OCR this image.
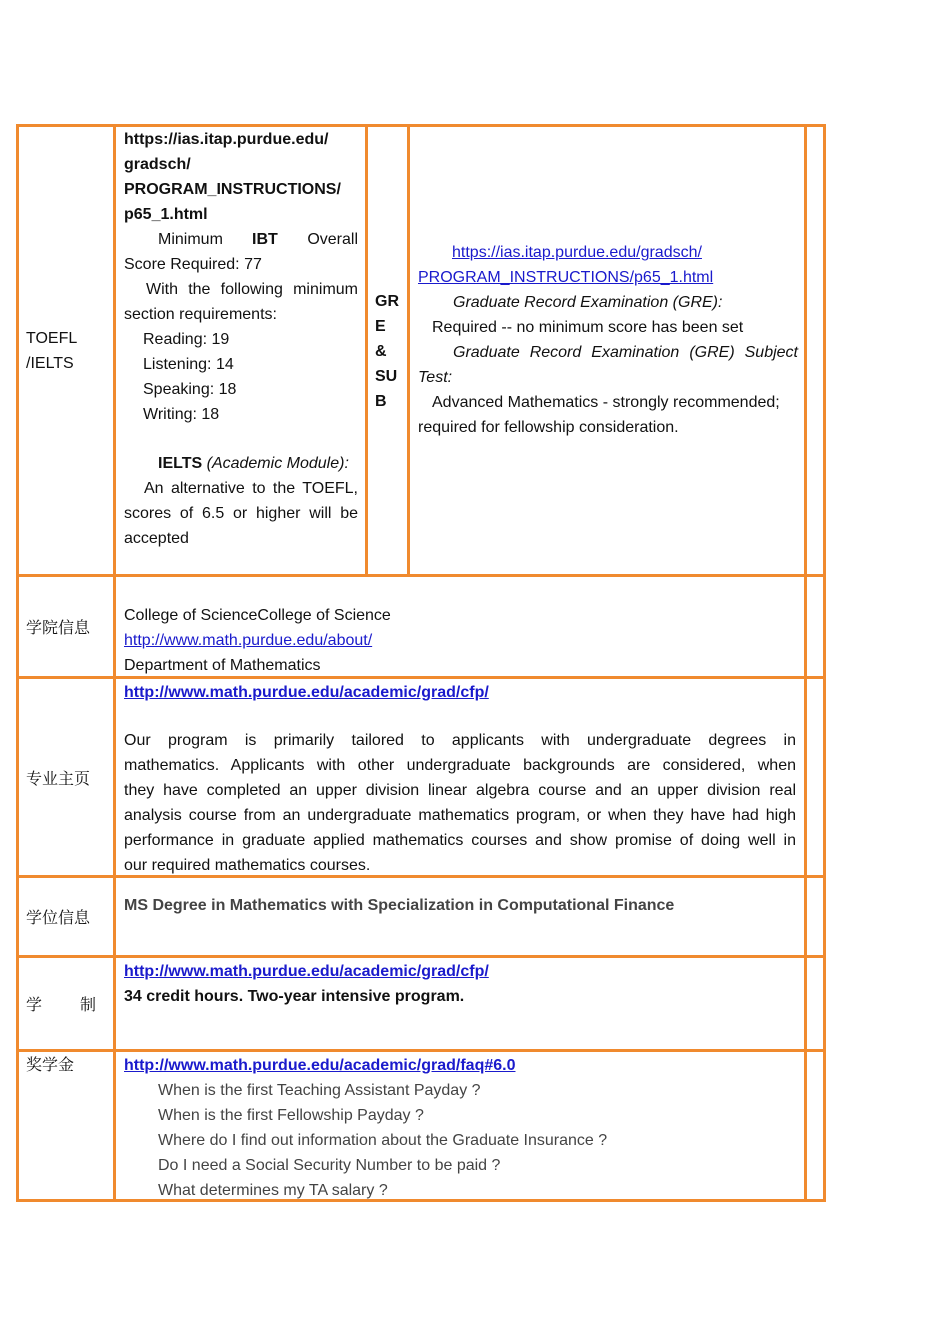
TOEFL
/IELTS
https://ias.itap.purdue.edu/
gradsch/
PROGRAM_INSTRUCTIONS/
p65_1.html
Minimum IBT Overall
Score Required: 77
With the following minimum
section requirements:
Reading: 19
Listening: 14
Speaking: 18
Writing: 18
IELTS (Academic Module):
An alternative to the TOEFL,
scores of 6.5 or higher will be
accepted
GR
E
&
SU
B
https://ias.itap.purdue.edu/gradsch/
PROGRAM_INSTRUCTIONS/p65_1.html
Graduate Record Examination (GRE):
Required -- no minimum score has been set
Graduate Record Examination (GRE) Subject
Test:
Advanced Mathematics - strongly recommended;
required for fellowship consideration.
学院信息
College of ScienceCollege of Science
http://www.math.purdue.edu/about/
Department of Mathematics
专业主页
http://www.math.purdue.edu/academic/grad/cfp/
Our program is primarily tailored to applicants with undergraduate degrees in
mathematics. Applicants with other undergraduate backgrounds are considered, when
they have completed an upper division linear algebra course and an upper division real
analysis course from an undergraduate mathematics program, or when they have had high
performance in graduate applied mathematics courses and show promise of doing well in
our required mathematics courses.
学位信息
MS Degree in Mathematics with Specialization in Computational Finance
学　　制
http://www.math.purdue.edu/academic/grad/cfp/
34 credit hours. Two-year intensive program.
奖学金	http://www.math.purdue.edu/academic/grad/faq#6.0
When is the first Teaching Assistant Payday ?
When is the first Fellowship Payday ?
Where do I find out information about the Graduate Insurance ?
Do I need a Social Security Number to be paid ?
What determines my TA salary ?
